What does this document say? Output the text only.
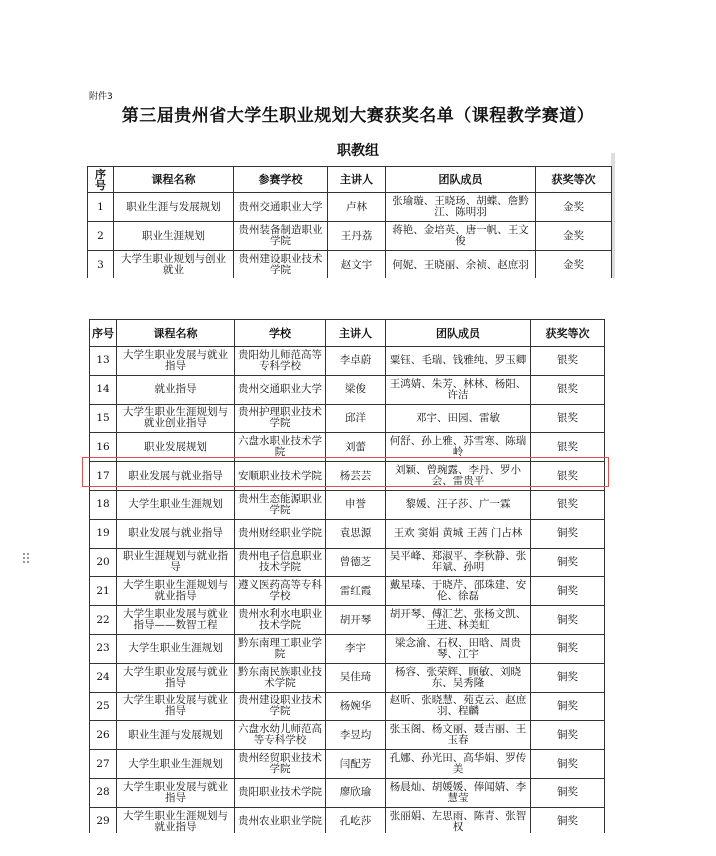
附件3
第三届贵州省大学生职业规划大赛获奖名单（课程教学赛道）
职教组
序号	课程名称	参赛学校	主讲人	团队成员	获奖等次
1	职业生涯与发展规划	贵州交通职业大学	卢林	张瑜璇、王晓玚、胡蝶、詹黔江、陈明羽	金奖
2	职业生涯规划	贵州装备制造职业学院	王丹荔	蒋艳、金培英、唐一帆、王文俊	金奖
3	大学生职业规划与创业就业	贵州建设职业技术学院	赵文宇	何妮、王晓丽、余祯、赵庶羽	金奖
序号	课程名称	学校	主讲人	团队成员	获奖等次
13	大学生职业发展与就业指导	贵阳幼儿师范高等专科学校	李卓蔚	粟钰、毛瑞、钱雅纯、罗玉卿	银奖
14	就业指导	贵州交通职业大学	梁俊	王鸿婧、朱芳、林林、杨阳、许洁	银奖
15	大学生职业生涯规划与就业创业指导	贵州护理职业技术学院	邱洋	邓宇、田园、雷敏	银奖
16	职业发展规划	六盘水职业技术学院	刘蕾	何舒、孙上雅、苏雪寒、陈瑞岭	银奖
17	职业发展与就业指导	安顺职业技术学院	杨芸芸	刘颖、曾琬露、李丹、罗小会、雷贵平	银奖
18	大学生职业生涯规划	贵州生态能源职业学院	申誉	黎媛、汪子莎、广一霖	银奖
19	职业发展与就业指导	贵州财经职业学院	袁思源	王欢 窦娟 黄城 王茜 门占林	铜奖
20	职业生涯规划与就业指导	贵州电子信息职业技术学院	曾德芝	吴平峰、郑淑平、李秋静、张年斌、孙明	铜奖
21	大学生职业生涯规划与就业指导	遵义医药高等专科学校	雷红霞	戴星瑧、于晓芹、邵珠建、安伦、徐磊	铜奖
22	大学生职业发展与就业指导——数智工程	贵州水利水电职业技术学院	胡开琴	胡开琴、傅汇艺、张杨文凯、王进、林美虹	铜奖
23	大学生职业生涯规划	黔东南理工职业学院	李宇	梁念渝、石权、田晗、周贵琴、江宇	铜奖
24	大学生职业发展与就业指导	黔东南民族职业技术学院	吴佳琦	杨容、张荣辉、顾敏、刘晓东、吴秀隆	铜奖
25	大学生职业发展与就业指导	贵州建设职业技术学院	杨婉华	赵昕、张晓慧、苑克云、赵庶羽、程麟	铜奖
26	职业生涯与发展规划	六盘水幼儿师范高等专科学校	李昱均	张玉阁、杨文丽、聂吉丽、王玉春	铜奖
27	大学生职业生涯规划	贵州经贸职业技术学院	闫配芳	孔娜、孙光田、高华娟、罗传美	铜奖
28	大学生职业发展与就业指导	贵阳职业技术学院	廖欣瑜	杨晨灿、胡媛媛、俸闻婧、李慧莹	铜奖
29	大学生职业生涯规划与就业指导	贵州农业职业学院	孔屹莎	张丽娟、左思雨、陈青、张智权	铜奖
